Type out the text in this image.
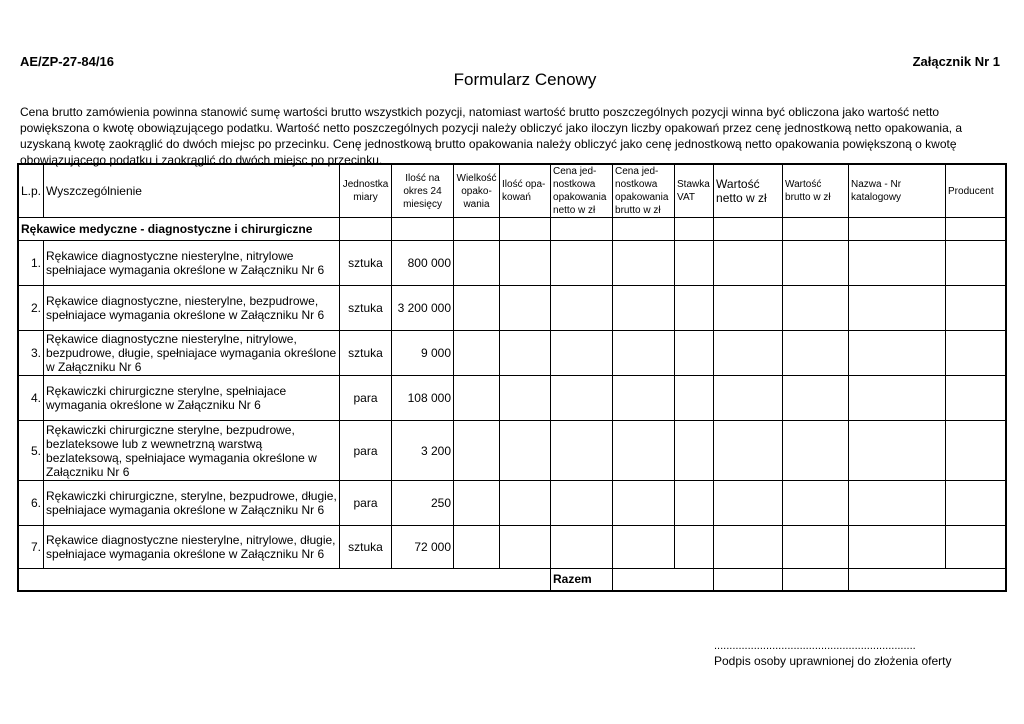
AE/ZP-27-84/16	Załącznik Nr 1
Formularz Cenowy
Cena brutto zamówienia powinna stanowić sumę wartości brutto wszystkich pozycji, natomiast wartość brutto poszczególnych pozycji winna być obliczona jako wartość netto powiększona o kwotę obowiązującego podatku. Wartość netto poszczególnych pozycji należy obliczyć jako iloczyn liczby opakowań przez cenę jednostkową netto opakowania, a uzyskaną kwotę zaokrąglić do dwóch miejsc po przecinku. Cenę jednostkową brutto opakowania należy obliczyć jako cenę jednostkową netto opakowania powiększoną o kwotę obowiązującego podatku i zaokrąglić do dwóch miejsc po przecinku.
L.p.	Wyszczególnienie	Jednostka miary	Ilość na okres 24 miesięcy	Wielkość opako-wania	Ilość opa-kowań	Cena jed-nostkowa opakowania netto w zł	Cena jed-nostkowa opakowania brutto w zł	Stawka VAT	Wartość netto w zł	Wartość brutto w zł	Nazwa - Nr katalogowy	Producent
Rękawice medyczne - diagnostyczne i chirurgiczne												
1.	Rękawice diagnostyczne niesterylne, nitrylowe spełniajace wymagania określone w Załączniku Nr 6	sztuka	800 000									
2.	Rękawice diagnostyczne, niesterylne, bezpudrowe, spełniajace wymagania określone w Załączniku Nr 6	sztuka	3 200 000									
3.	Rękawice diagnostyczne niesterylne, nitrylowe, bezpudrowe, długie, spełniajace wymagania określone w Załączniku Nr 6	sztuka	9 000									
4.	Rękawiczki chirurgiczne sterylne, spełniajace wymagania określone w Załączniku Nr 6	para	108 000									
5.	Rękawiczki chirurgiczne sterylne, bezpudrowe, bezlateksowe lub z wewnetrzną warstwą bezlateksową, spełniajace wymagania określone w Załączniku Nr 6	para	3 200									
6.	Rękawiczki chirurgiczne, sterylne, bezpudrowe, długie, spełniajace wymagania określone w Załączniku Nr 6	para	250									
7.	Rękawice diagnostyczne niesterylne, nitrylowe, długie, spełniajace wymagania określone w Załączniku Nr 6	sztuka	72 000									
						Razem						
..................................................................
Podpis osoby uprawnionej do złożenia oferty
